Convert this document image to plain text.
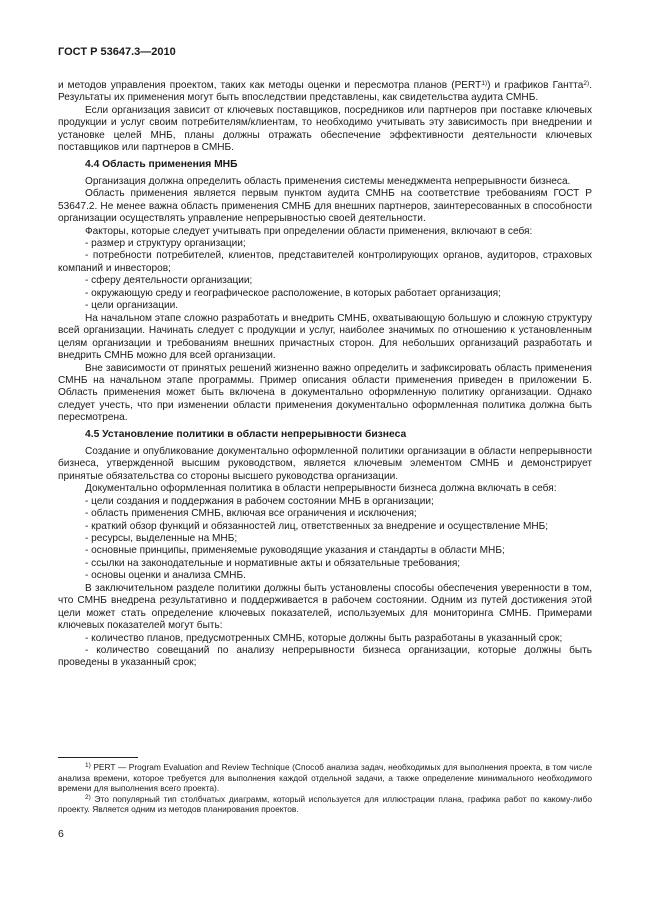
ГОСТ Р 53647.3—2010

и методов управления проектом, таких как методы оценки и пересмотра планов (PERT$^{1)}$) и графиков Гантта$^{2)}$. Результаты их применения могут быть впоследствии представлены, как свидетельства аудита СМНБ.

Если организация зависит от ключевых поставщиков, посредников или партнеров при поставке ключевых продукции и услуг своим потребителям/клиентам, то необходимо учитывать эту зависимость при внедрении и установке целей МНБ, планы должны отражать обеспечение эффективности деятельности ключевых поставщиков или партнеров в СМНБ.

4.4 Область применения МНБ

Организация должна определить область применения системы менеджмента непрерывности бизнеса.

Область применения является первым пунктом аудита СМНБ на соответствие требованиям ГОСТ Р 53647.2. Не менее важна область применения СМНБ для внешних партнеров, заинтересованных в способности организации осуществлять управление непрерывностью своей деятельности.

Факторы, которые следует учитывать при определении области применения, включают в себя:

- размер и структуру организации;

- потребности потребителей, клиентов, представителей контролирующих органов, аудиторов, страховых компаний и инвесторов;

- сферу деятельности организации;

- окружающую среду и географическое расположение, в которых работает организация;

- цели организации.

На начальном этапе сложно разработать и внедрить СМНБ, охватывающую большую и сложную структуру всей организации. Начинать следует с продукции и услуг, наиболее значимых по отношению к установленным целям организации и требованиям внешних причастных сторон. Для небольших организаций разработать и внедрить СМНБ можно для всей организации.

Вне зависимости от принятых решений жизненно важно определить и зафиксировать область применения СМНБ на начальном этапе программы. Пример описания области применения приведен в приложении Б. Область применения может быть включена в документально оформленную политику организации. Однако следует учесть, что при изменении области применения документально оформленная политика должна быть пересмотрена.

4.5 Установление политики в области непрерывности бизнеса

Создание и опубликование документально оформленной политики организации в области непрерывности бизнеса, утвержденной высшим руководством, является ключевым элементом СМНБ и демонстрирует принятые обязательства со стороны высшего руководства организации.

Документально оформленная политика в области непрерывности бизнеса должна включать в себя:

- цели создания и поддержания в рабочем состоянии МНБ в организации;

- область применения СМНБ, включая все ограничения и исключения;

- краткий обзор функций и обязанностей лиц, ответственных за внедрение и осуществление МНБ;

- ресурсы, выделенные на МНБ;

- основные принципы, применяемые руководящие указания и стандарты в области МНБ;

- ссылки на законодательные и нормативные акты и обязательные требования;

- основы оценки и анализа СМНБ.

В заключительном разделе политики должны быть установлены способы обеспечения уверенности в том, что СМНБ внедрена результативно и поддерживается в рабочем состоянии. Одним из путей достижения этой цели может стать определение ключевых показателей, используемых для мониторинга СМНБ. Примерами ключевых показателей могут быть:

- количество планов, предусмотренных СМНБ, которые должны быть разработаны в указанный срок;

- количество совещаний по анализу непрерывности бизнеса организации, которые должны быть проведены в указанный срок;

$^{1)}$ PERT — Program Evaluation and Review Technique (Способ анализа задач, необходимых для выполнения проекта, в том числе анализа времени, которое требуется для выполнения каждой отдельной задачи, а также определение минимального необходимого времени для выполнения всего проекта).

$^{2)}$ Это популярный тип столбчатых диаграмм, который используется для иллюстрации плана, графика работ по какому-либо проекту. Является одним из методов планирования проектов.

6
